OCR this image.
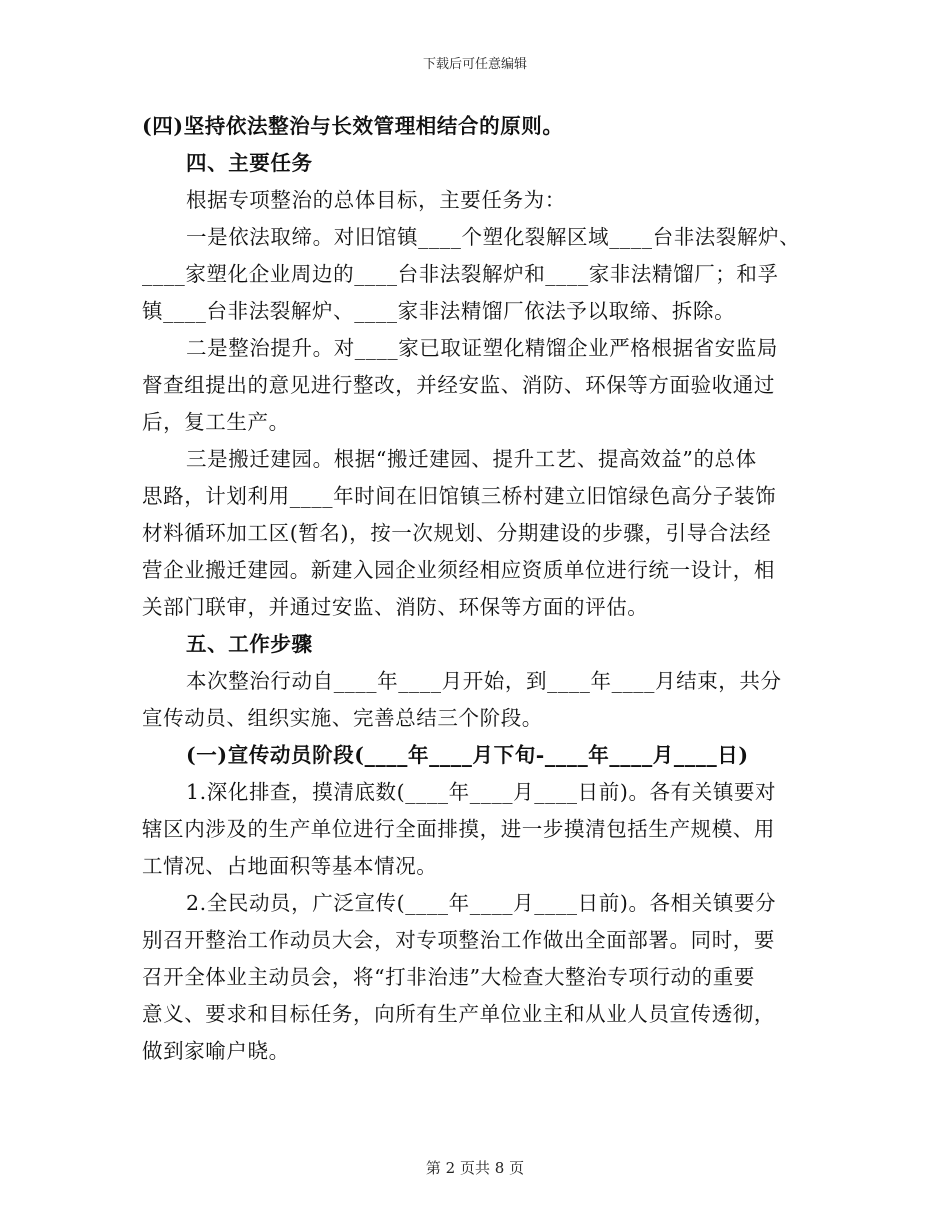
下载后可任意编辑
(四)坚持依法整治与长效管理相结合的原则。
四、主要任务
根据专项整治的总体目标，主要任务为：
一是依法取缔。对旧馆镇____个塑化裂解区域____台非法裂解炉、
____家塑化企业周边的____台非法裂解炉和____家非法精馏厂；和孚
镇____台非法裂解炉、____家非法精馏厂依法予以取缔、拆除。
二是整治提升。对____家已取证塑化精馏企业严格根据省安监局
督查组提出的意见进行整改，并经安监、消防、环保等方面验收通过
后，复工生产。
三是搬迁建园。根据“搬迁建园、提升工艺、提高效益”的总体
思路，计划利用____年时间在旧馆镇三桥村建立旧馆绿色高分子装饰
材料循环加工区(暂名)，按一次规划、分期建设的步骤，引导合法经
营企业搬迁建园。新建入园企业须经相应资质单位进行统一设计，相
关部门联审，并通过安监、消防、环保等方面的评估。
五、工作步骤
本次整治行动自____年____月开始，到____年____月结束，共分
宣传动员、组织实施、完善总结三个阶段。
(一)宣传动员阶段(____年____月下旬-____年____月____日)
1.深化排查，摸清底数(____年____月____日前)。各有关镇要对
辖区内涉及的生产单位进行全面排摸，进一步摸清包括生产规模、用
工情况、占地面积等基本情况。
2.全民动员，广泛宣传(____年____月____日前)。各相关镇要分
别召开整治工作动员大会，对专项整治工作做出全面部署。同时，要
召开全体业主动员会，将“打非治违”大检查大整治专项行动的重要
意义、要求和目标任务，向所有生产单位业主和从业人员宣传透彻，
做到家喻户晓。
第 2 页共 8 页
